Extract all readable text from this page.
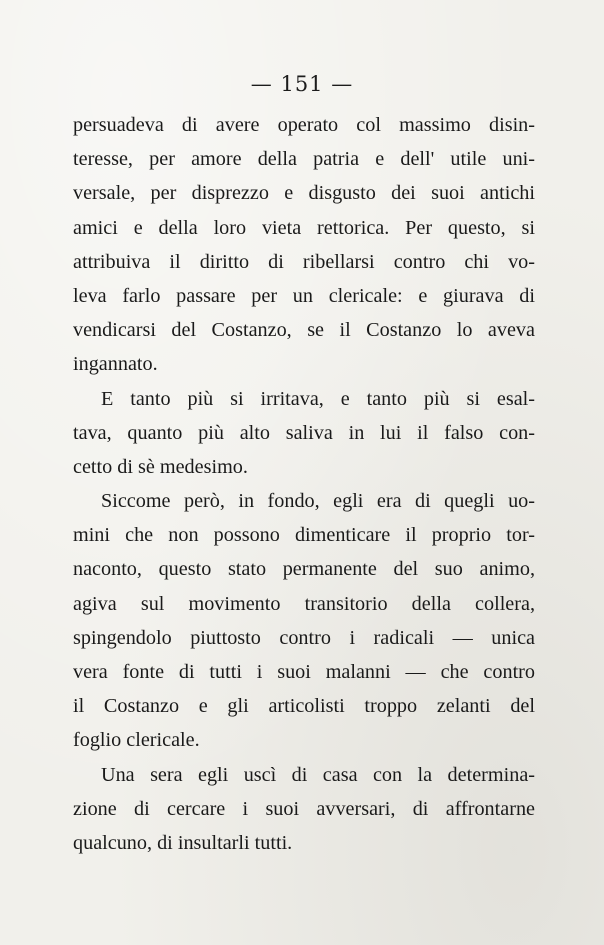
— 151 —
persuadeva di avere operato col massimo disin-
teresse, per amore della patria e dell' utile uni-
versale, per disprezzo e disgusto dei suoi antichi
amici e della loro vieta rettorica. Per questo, si
attribuiva il diritto di ribellarsi contro chi vo-
leva farlo passare per un clericale: e giurava di
vendicarsi del Costanzo, se il Costanzo lo aveva
ingannato.
E tanto più si irritava, e tanto più si esal-
tava, quanto più alto saliva in lui il falso con-
cetto di sè medesimo.
Siccome però, in fondo, egli era di quegli uo-
mini che non possono dimenticare il proprio tor-
naconto, questo stato permanente del suo animo,
agiva sul movimento transitorio della collera,
spingendolo piuttosto contro i radicali — unica
vera fonte di tutti i suoi malanni — che contro
il Costanzo e gli articolisti troppo zelanti del
foglio clericale.
Una sera egli uscì di casa con la determina-
zione di cercare i suoi avversari, di affrontarne
qualcuno, di insultarli tutti.
